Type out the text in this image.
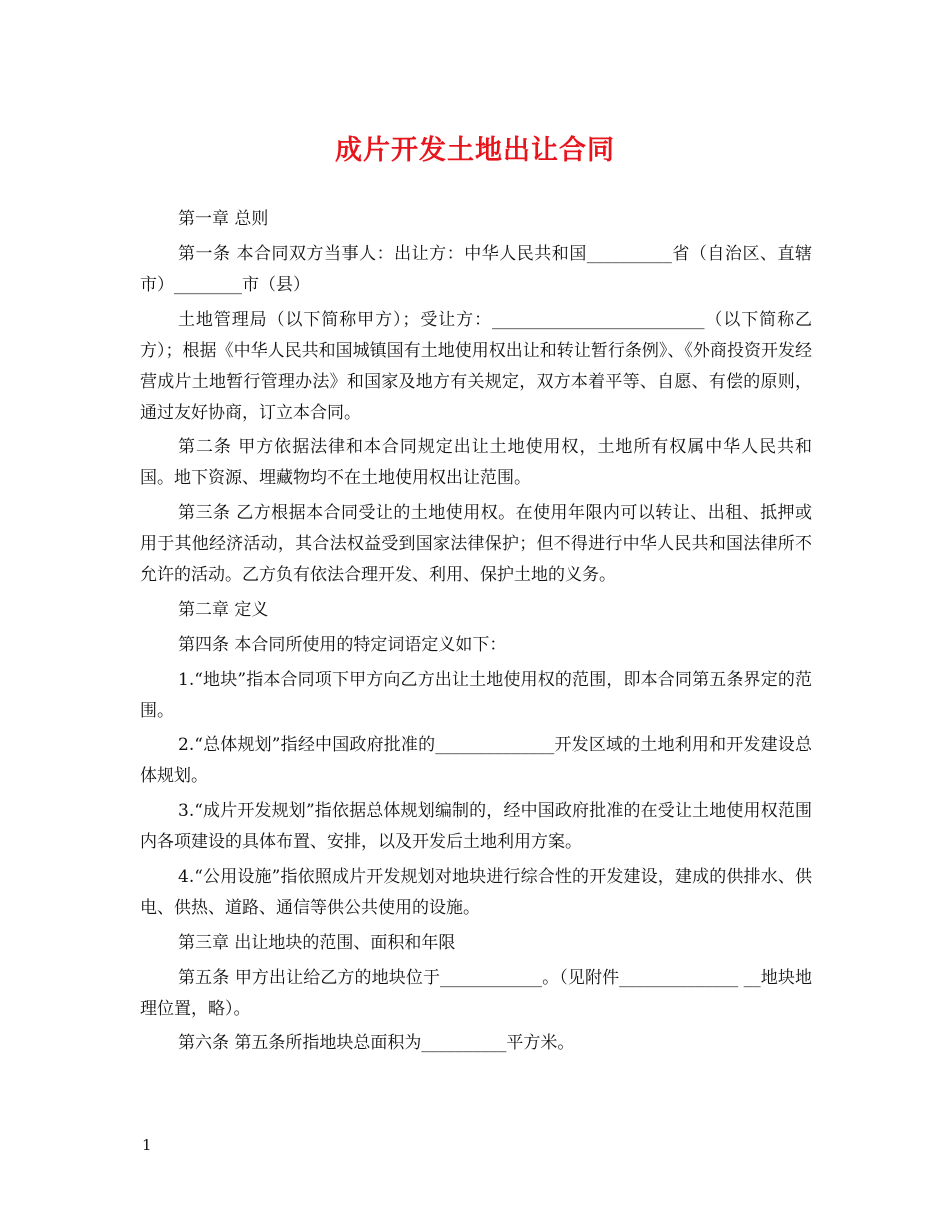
成片开发土地出让合同

第一章 总则

第一条 本合同双方当事人：出让方：中华人民共和国__________省（自治区、直辖市）________市（县）

土地管理局（以下简称甲方）；受让方：_________________________（以下简称乙方）；根据《中华人民共和国城镇国有土地使用权出让和转让暂行条例》、《外商投资开发经营成片土地暂行管理办法》和国家及地方有关规定，双方本着平等、自愿、有偿的原则，通过友好协商，订立本合同。

第二条 甲方依据法律和本合同规定出让土地使用权，土地所有权属中华人民共和国。地下资源、埋藏物均不在土地使用权出让范围。

第三条 乙方根据本合同受让的土地使用权。在使用年限内可以转让、出租、抵押或用于其他经济活动，其合法权益受到国家法律保护；但不得进行中华人民共和国法律所不允许的活动。乙方负有依法合理开发、利用、保护土地的义务。

第二章 定义

第四条 本合同所使用的特定词语定义如下：

1.“地块”指本合同项下甲方向乙方出让土地使用权的范围，即本合同第五条界定的范围。

2.“总体规划”指经中国政府批准的______________开发区域的土地利用和开发建设总体规划。

3.“成片开发规划”指依据总体规划编制的，经中国政府批准的在受让土地使用权范围内各项建设的具体布置、安排，以及开发后土地利用方案。

4.“公用设施”指依照成片开发规划对地块进行综合性的开发建设，建成的供排水、供电、供热、道路、通信等供公共使用的设施。

第三章 出让地块的范围、面积和年限

第五条 甲方出让给乙方的地块位于____________。（见附件______________ __地块地理位置，略）。

第六条 第五条所指地块总面积为__________平方米。

1
